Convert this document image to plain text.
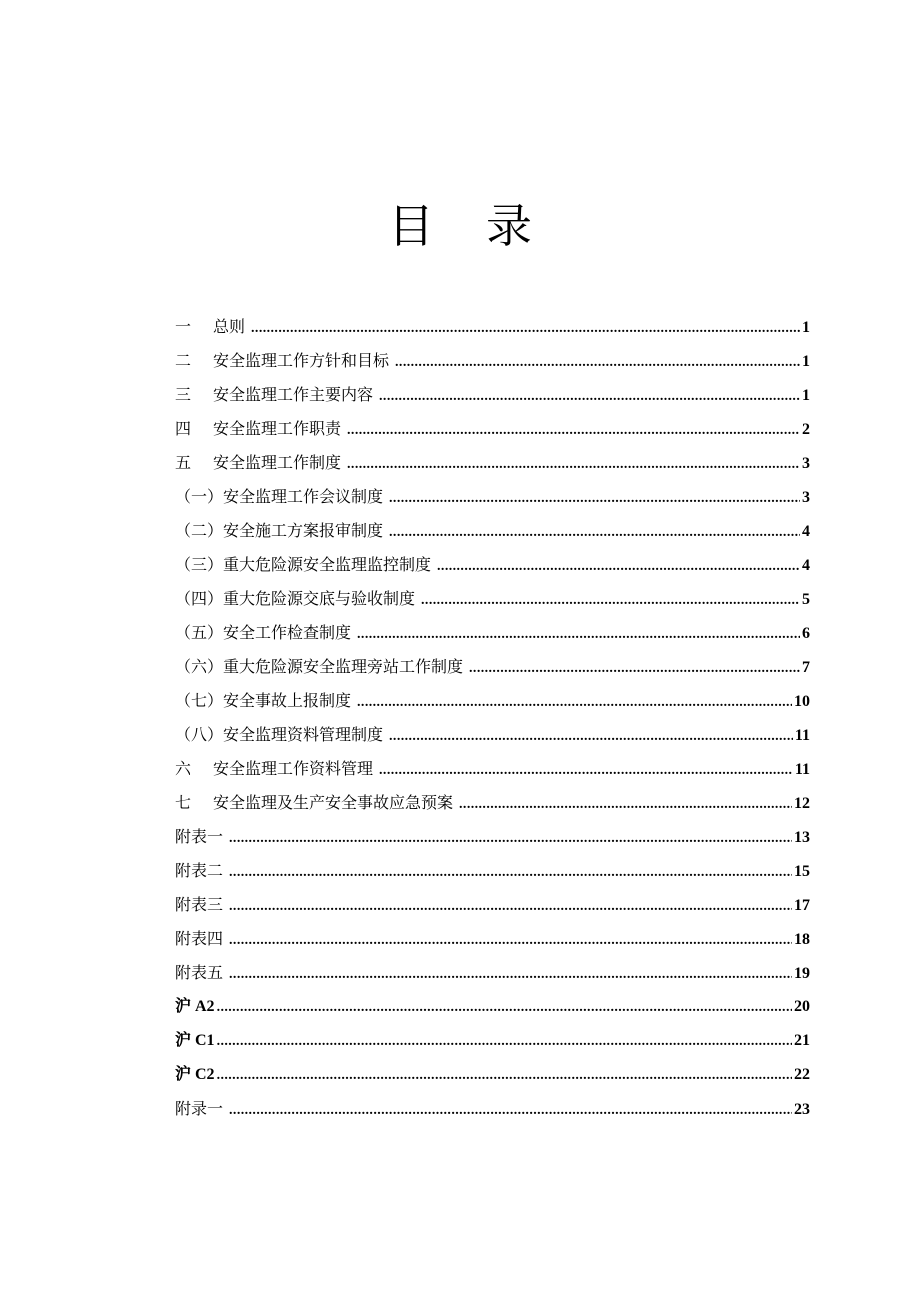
目 录
一	总则 .....	1
二	安全监理工作方针和目标 .....	1
三	安全监理工作主要内容 .....	1
四	安全监理工作职责 .....	2
五	安全监理工作制度 .....	3
（一） 安全监理工作会议制度 .....	3
（二） 安全施工方案报审制度 .....	4
（三） 重大危险源安全监理监控制度 .....	4
（四） 重大危险源交底与验收制度 .....	5
（五） 安全工作检查制度 .....	6
（六） 重大危险源安全监理旁站工作制度 .....	7
（七） 安全事故上报制度 .....	10
（八） 安全监理资料管理制度 .....	11
六	安全监理工作资料管理 .....	11
七	安全监理及生产安全事故应急预案 .....	12
附表一 .....	13
附表二 .....	15
附表三 .....	17
附表四 .....	18
附表五 .....	19
沪 A2 .....	20
沪 C1 .....	21
沪 C2 .....	22
附录一 .....	23
